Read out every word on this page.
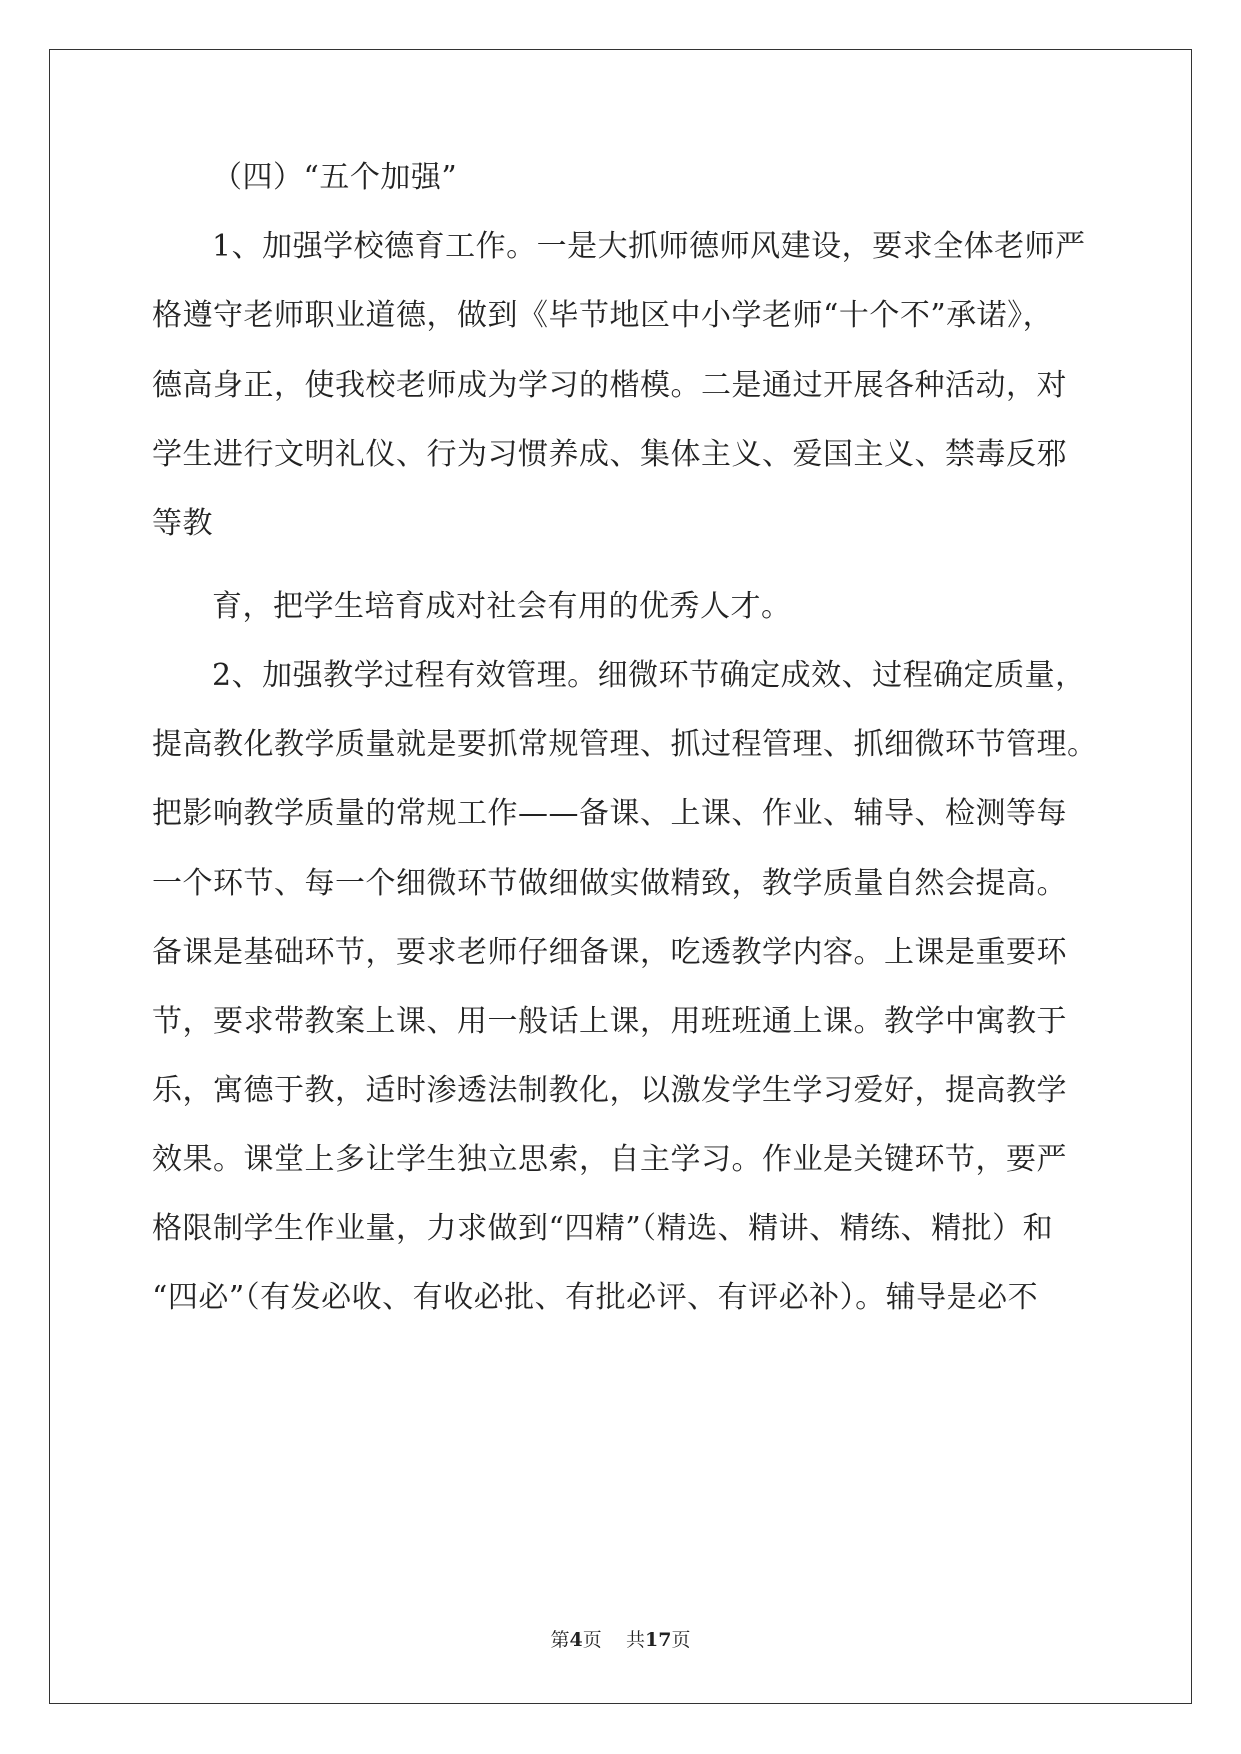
（四）“五个加强”
1、加强学校德育工作。一是大抓师德师风建设，要求全体老师严
格遵守老师职业道德，做到《毕节地区中小学老师“十个不”承诺》，
德高身正，使我校老师成为学习的楷模。二是通过开展各种活动，对
学生进行文明礼仪、行为习惯养成、集体主义、爱国主义、禁毒反邪
等教
育，把学生培育成对社会有用的优秀人才。
2、加强教学过程有效管理。细微环节确定成效、过程确定质量，
提高教化教学质量就是要抓常规管理、抓过程管理、抓细微环节管理。
把影响教学质量的常规工作——备课、上课、作业、辅导、检测等每
一个环节、每一个细微环节做细做实做精致，教学质量自然会提高。
备课是基础环节，要求老师仔细备课，吃透教学内容。上课是重要环
节，要求带教案上课、用一般话上课，用班班通上课。教学中寓教于
乐，寓德于教，适时渗透法制教化，以激发学生学习爱好，提高教学
效果。课堂上多让学生独立思索，自主学习。作业是关键环节，要严
格限制学生作业量，力求做到“四精”（精选、精讲、精练、精批）和
“四必”（有发必收、有收必批、有批必评、有评必补）。辅导是必不
第4页 共17页
